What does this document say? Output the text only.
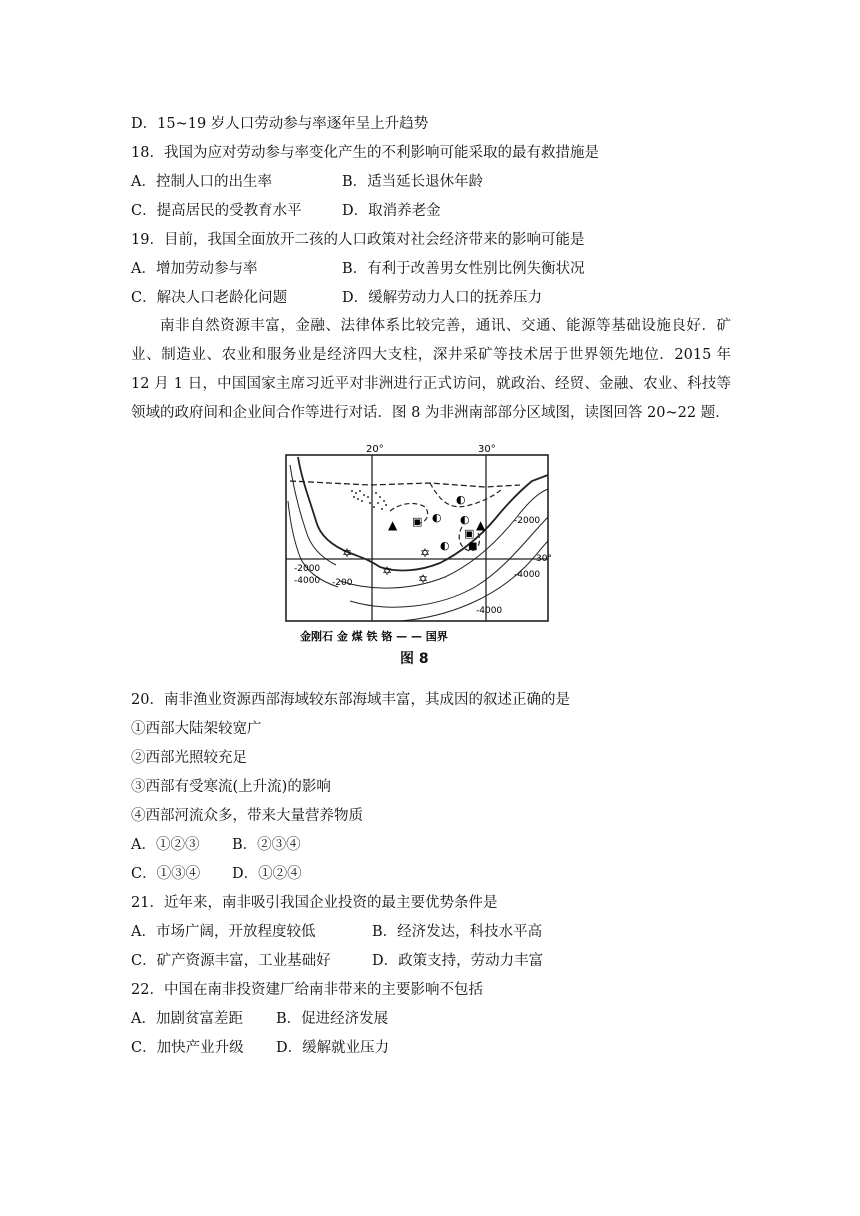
D．15~19 岁人口劳动参与率逐年呈上升趋势
18．我国为应对劳动参与率变化产生的不利影响可能采取的最有救措施是
A．控制人口的出生率	B．适当延长退休年龄
C．提高居民的受教育水平	D．取消养老金
19．目前，我国全面放开二孩的人口政策对社会经济带来的影响可能是
A．增加劳动参与率	B．有利于改善男女性别比例失衡状况
C．解决人口老龄化问题	D．缓解劳动力人口的抚养压力
南非自然资源丰富，金融、法律体系比较完善，通讯、交通、能源等基础设施良好．矿业、制造业、农业和服务业是经济四大支柱，深井采矿等技术居于世界领先地位．2015 年 12 月 1 日，中国国家主席习近平对非洲进行正式访问，就政治、经贸、金融、农业、科技等领域的政府间和企业间合作等进行对话．图 8 为非洲南部部分区域图，读图回答 20~22 题．
▲ ▣ ◐
◐
◐ ▲
▣
■
◐
✡	✡
✡
✡
20°	30°
30°
-2000
-2000
-4000 -200
-4000
-4000
金刚石 金 煤 铁 铬 — — 国界
图 8
20．南非渔业资源西部海域较东部海域丰富，其成因的叙述正确的是
①西部大陆架较宽广
②西部光照较充足
③西部有受寒流(上升流)的影响
④西部河流众多，带来大量营养物质
A．①②③ B．②③④
C．①③④ D．①②④
21．近年来，南非吸引我国企业投资的最主要优势条件是
A．市场广阔，开放程度较低	B．经济发达，科技水平高
C．矿产资源丰富，工业基础好	D．政策支持，劳动力丰富
22．中国在南非投资建厂给南非带来的主要影响不包括
A．加剧贫富差距 B．促进经济发展
C．加快产业升级 D．缓解就业压力
